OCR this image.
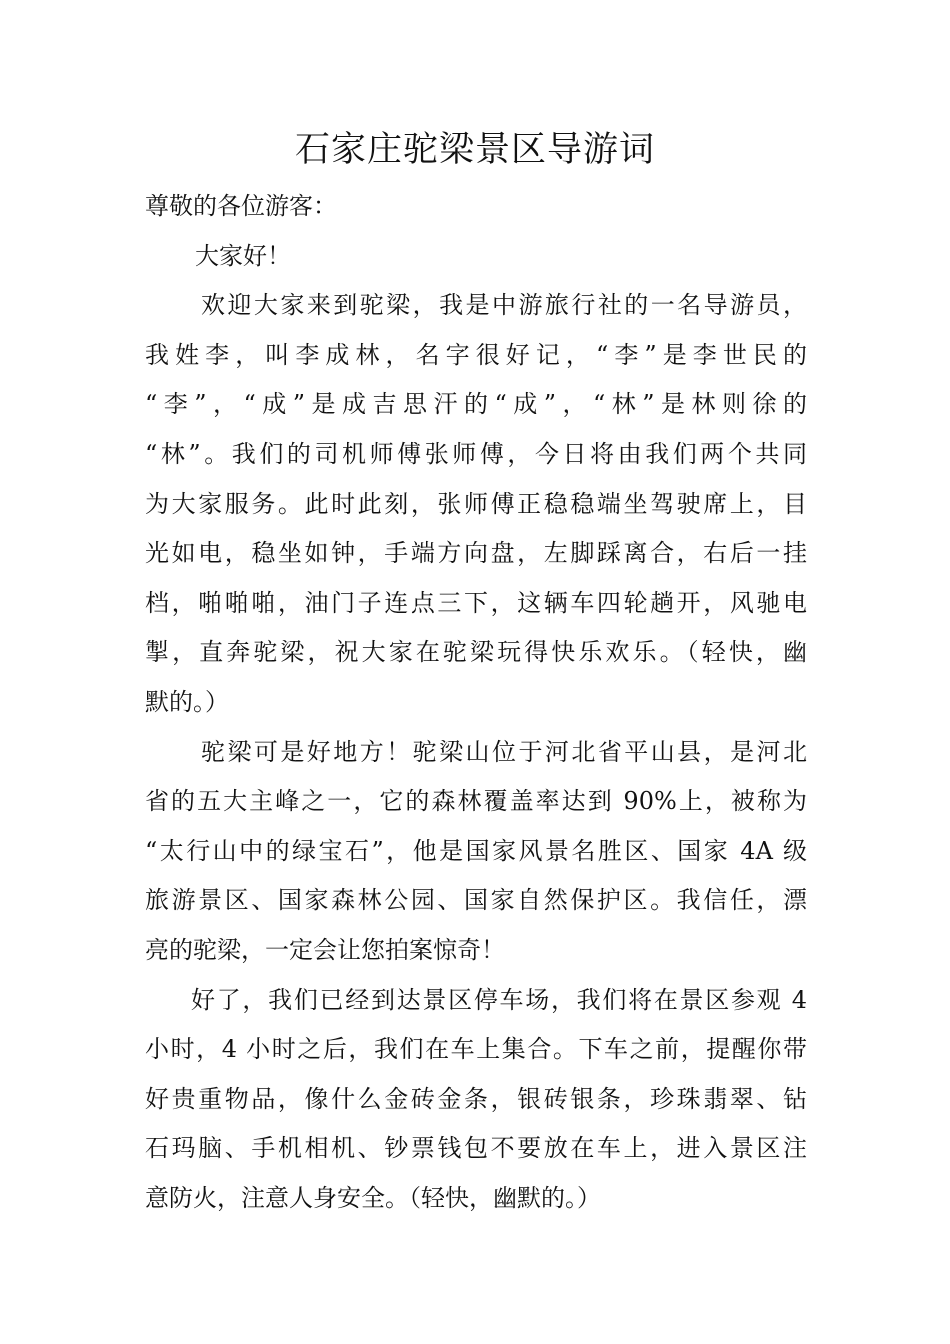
石家庄驼梁景区导游词
尊敬的各位游客：
大家好！
欢迎大家来到驼梁，我是中游旅行社的一名导游员，
我姓李，叫李成林，名字很好记，“李”是李世民的
“李”，“成”是成吉思汗的“成”，“林”是林则徐的
“林”。我们的司机师傅张师傅，今日将由我们两个共同
为大家服务。此时此刻，张师傅正稳稳端坐驾驶席上，目
光如电，稳坐如钟，手端方向盘，左脚踩离合，右后一挂
档，啪啪啪，油门子连点三下，这辆车四轮趟开，风驰电
掣，直奔驼梁，祝大家在驼梁玩得快乐欢乐。（轻快，幽
默的。）
驼梁可是好地方！驼梁山位于河北省平山县，是河北
省的五大主峰之一，它的森林覆盖率达到 90%上，被称为
“太行山中的绿宝石”，他是国家风景名胜区、国家 4A 级
旅游景区、国家森林公园、国家自然保护区。我信任，漂
亮的驼梁，一定会让您拍案惊奇！
好了，我们已经到达景区停车场，我们将在景区参观 4
小时，4 小时之后，我们在车上集合。下车之前，提醒你带
好贵重物品，像什么金砖金条，银砖银条，珍珠翡翠、钻
石玛脑、手机相机、钞票钱包不要放在车上，进入景区注
意防火，注意人身安全。（轻快，幽默的。）
